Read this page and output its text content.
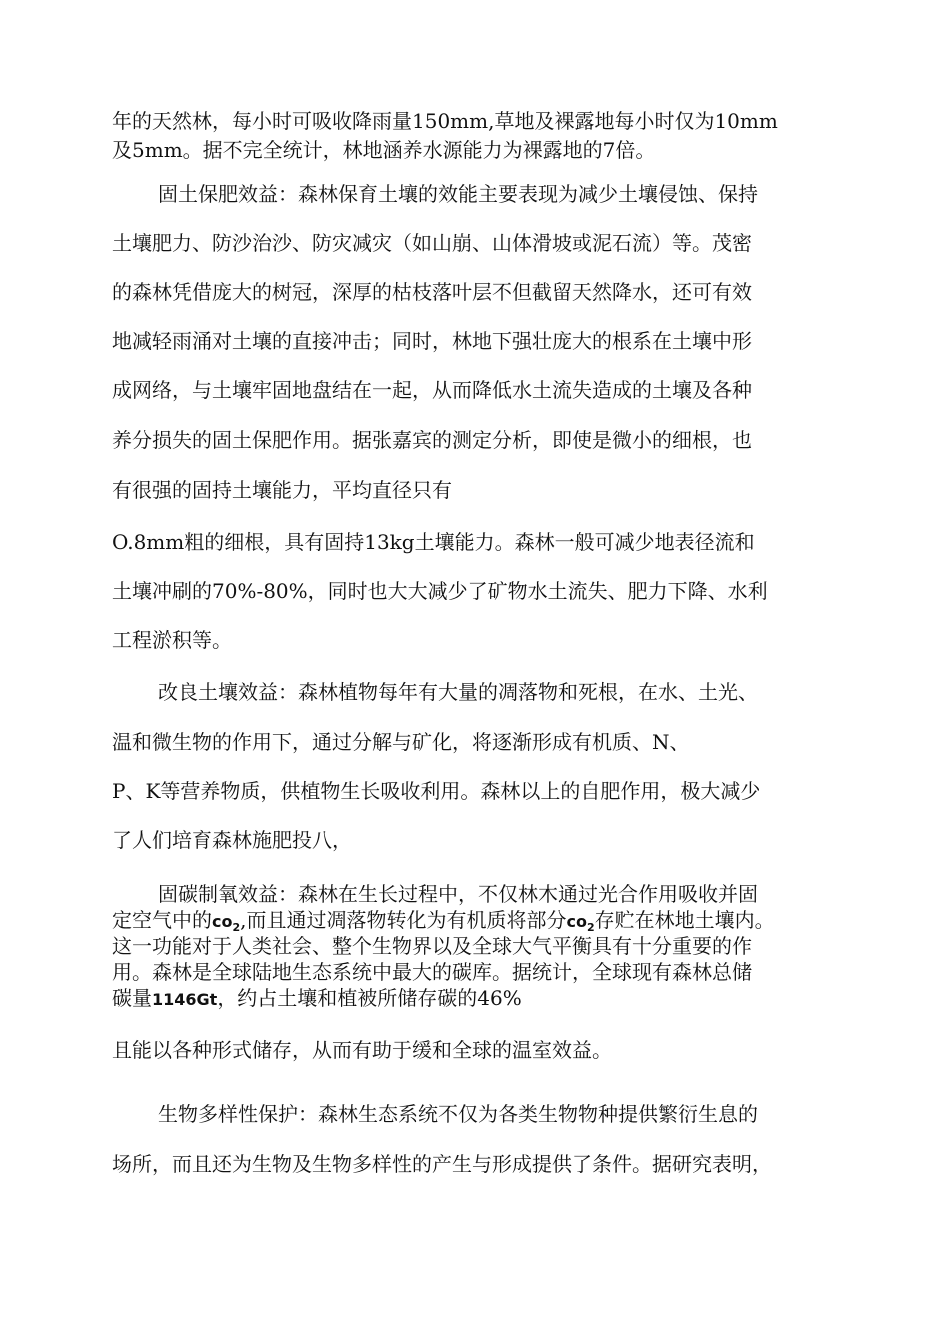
年的天然林，每小时可吸收降雨量150mm,草地及裸露地每小时仅为10mm
及5mm。据不完全统计，林地涵养水源能力为裸露地的7倍。
固土保肥效益：森林保育土壤的效能主要表现为减少土壤侵蚀、保持
土壤肥力、防沙治沙、防灾减灾（如山崩、山体滑坡或泥石流）等。茂密
的森林凭借庞大的树冠，深厚的枯枝落叶层不但截留天然降水，还可有效
地减轻雨涌对土壤的直接冲击；同时，林地下强壮庞大的根系在土壤中形
成网络，与土壤牢固地盘结在一起，从而降低水土流失造成的土壤及各种
养分损失的固土保肥作用。据张嘉宾的测定分析，即使是微小的细根，也
有很强的固持土壤能力，平均直径只有
O.8mm粗的细根，具有固持13kg土壤能力。森林一般可减少地表径流和
土壤冲刷的70%-80%，同时也大大减少了矿物水土流失、肥力下降、水利
工程淤积等。
改良土壤效益：森林植物每年有大量的凋落物和死根，在水、土光、
温和微生物的作用下，通过分解与矿化，将逐渐形成有机质、N、
P、K等营养物质，供植物生长吸收利用。森林以上的自肥作用，极大减少
了人们培育森林施肥投八，
固碳制氧效益：森林在生长过程中，不仅林木通过光合作用吸收并固
定空气中的$co_2$,而且通过凋落物转化为有机质将部分$co_2$存贮在林地土壤内。
这一功能对于人类社会、整个生物界以及全球大气平衡具有十分重要的作
用。森林是全球陆地生态系统中最大的碳库。据统计，全球现有森林总储
碳量1146Gt，约占土壤和植被所储存碳的46%
且能以各种形式储存，从而有助于缓和全球的温室效益。
生物多样性保护：森林生态系统不仅为各类生物物种提供繁衍生息的
场所，而且还为生物及生物多样性的产生与形成提供了条件。据研究表明，
